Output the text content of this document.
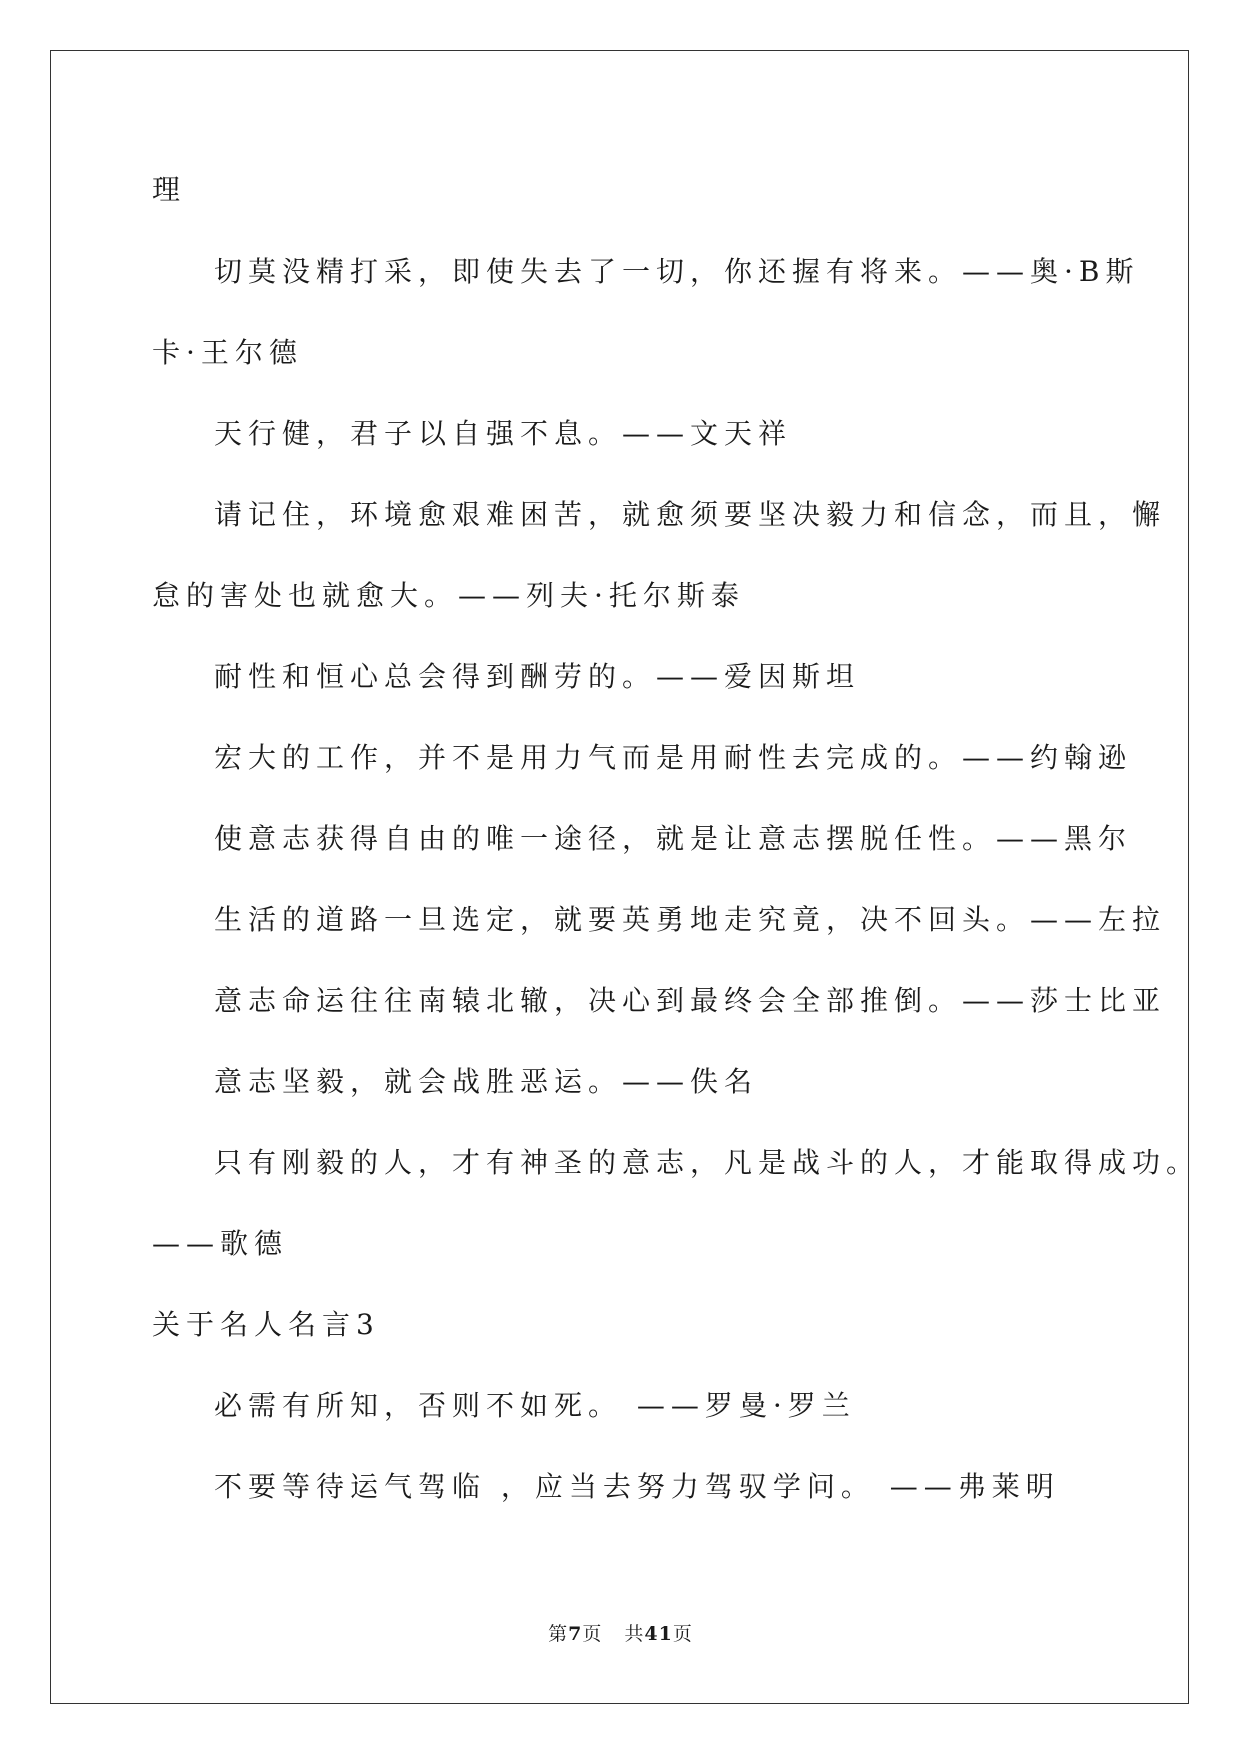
理
切莫没精打采，即使失去了一切，你还握有将来。——奥·B斯
卡·王尔德
天行健，君子以自强不息。——文天祥
请记住，环境愈艰难困苦，就愈须要坚决毅力和信念，而且，懈
怠的害处也就愈大。——列夫·托尔斯泰
耐性和恒心总会得到酬劳的。——爱因斯坦
宏大的工作，并不是用力气而是用耐性去完成的。——约翰逊
使意志获得自由的唯一途径，就是让意志摆脱任性。——黑尔
生活的道路一旦选定，就要英勇地走究竟，决不回头。——左拉
意志命运往往南辕北辙，决心到最终会全部推倒。——莎士比亚
意志坚毅，就会战胜恶运。——佚名
只有刚毅的人，才有神圣的意志，凡是战斗的人，才能取得成功。
——歌德
关于名人名言3
必需有所知，否则不如死。 ——罗曼·罗兰
不要等待运气驾临 ，应当去努力驾驭学问。 ——弗莱明
第7页 共41页
